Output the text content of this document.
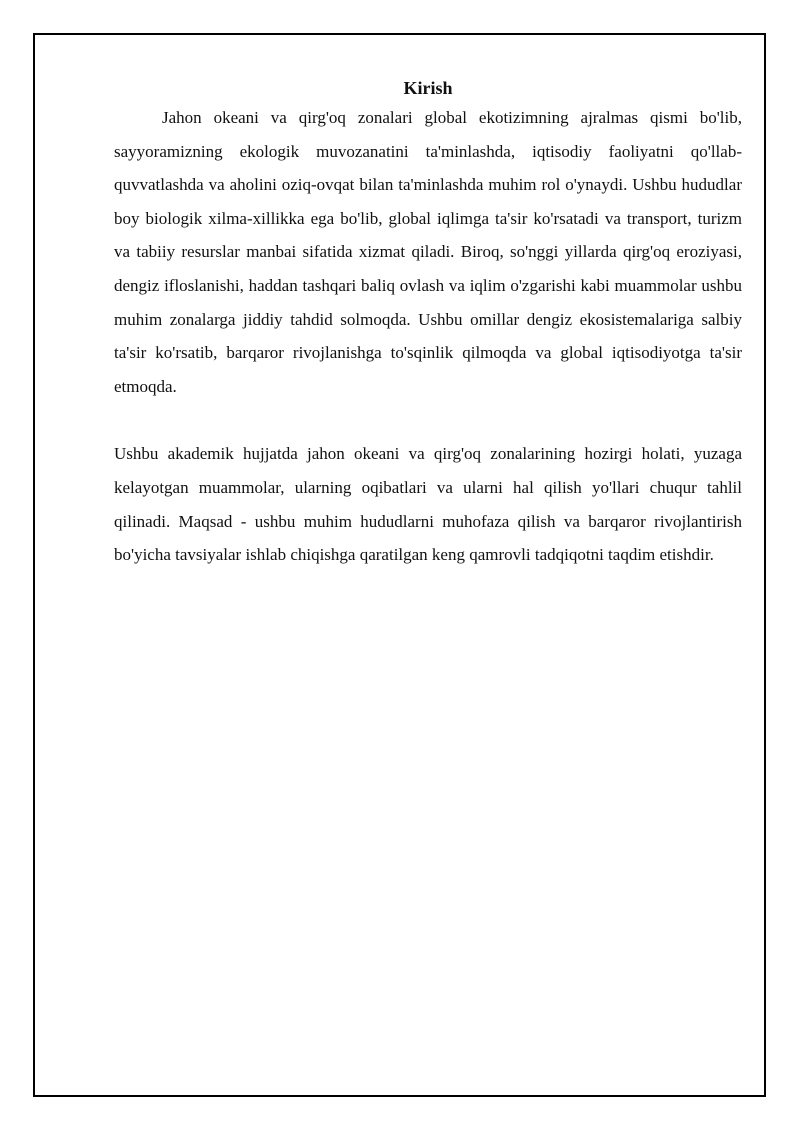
Kirish

Jahon okeani va qirg'oq zonalari global ekotizimning ajralmas qismi bo'lib, sayyoramizning ekologik muvozanatini ta'minlashda, iqtisodiy faoliyatni qo'llab-quvvatlashda va aholini oziq-ovqat bilan ta'minlashda muhim rol o'ynaydi. Ushbu hududlar boy biologik xilma-xillikka ega bo'lib, global iqlimga ta'sir ko'rsatadi va transport, turizm va tabiiy resurslar manbai sifatida xizmat qiladi. Biroq, so'nggi yillarda qirg'oq eroziyasi, dengiz ifloslanishi, haddan tashqari baliq ovlash va iqlim o'zgarishi kabi muammolar ushbu muhim zonalarga jiddiy tahdid solmoqda. Ushbu omillar dengiz ekosistemalariga salbiy ta'sir ko'rsatib, barqaror rivojlanishga to'sqinlik qilmoqda va global iqtisodiyotga ta'sir etmoqda.

Ushbu akademik hujjatda jahon okeani va qirg'oq zonalarining hozirgi holati, yuzaga kelayotgan muammolar, ularning oqibatlari va ularni hal qilish yo'llari chuqur tahlil qilinadi. Maqsad - ushbu muhim hududlarni muhofaza qilish va barqaror rivojlantirish bo'yicha tavsiyalar ishlab chiqishga qaratilgan keng qamrovli tadqiqotni taqdim etishdir.
